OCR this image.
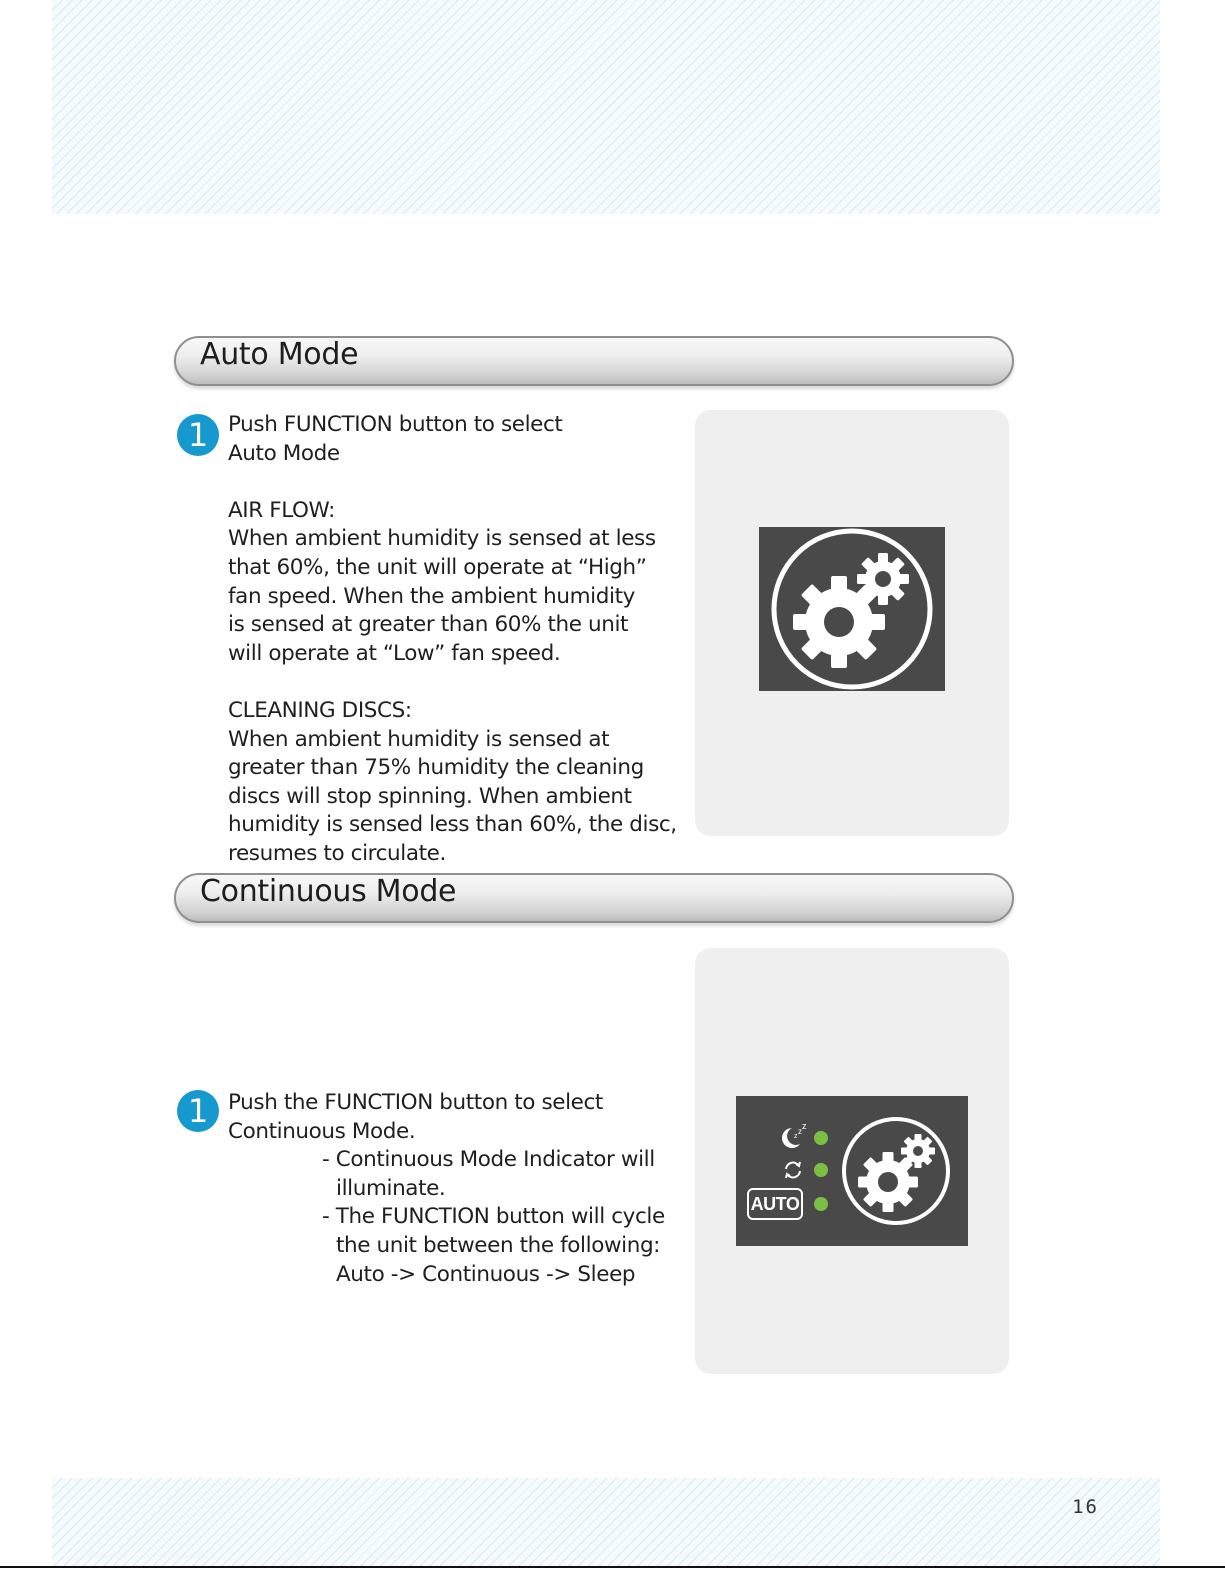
Auto Mode
1 Push FUNCTION button to select

Auto Mode

AIR FLOW:

When ambient humidity is sensed at less

that 60%, the unit will operate at “High”

fan speed. When the ambient humidity

is sensed at greater than 60% the unit

will operate at “Low” fan speed.

CLEANING DISCS:

When ambient humidity is sensed at

greater than 75% humidity the cleaning

discs will stop spinning. When ambient

humidity is sensed less than 60%, the disc,

resumes to circulate.

Continuous Mode
1 Push the FUNCTION button to select

Continuous Mode.

- Continuous Mode Indicator will

illuminate.

- The FUNCTION button will cycle

the unit between the following:

Auto -> Continuous -> Sleep

z
z
z
AUTO
16
